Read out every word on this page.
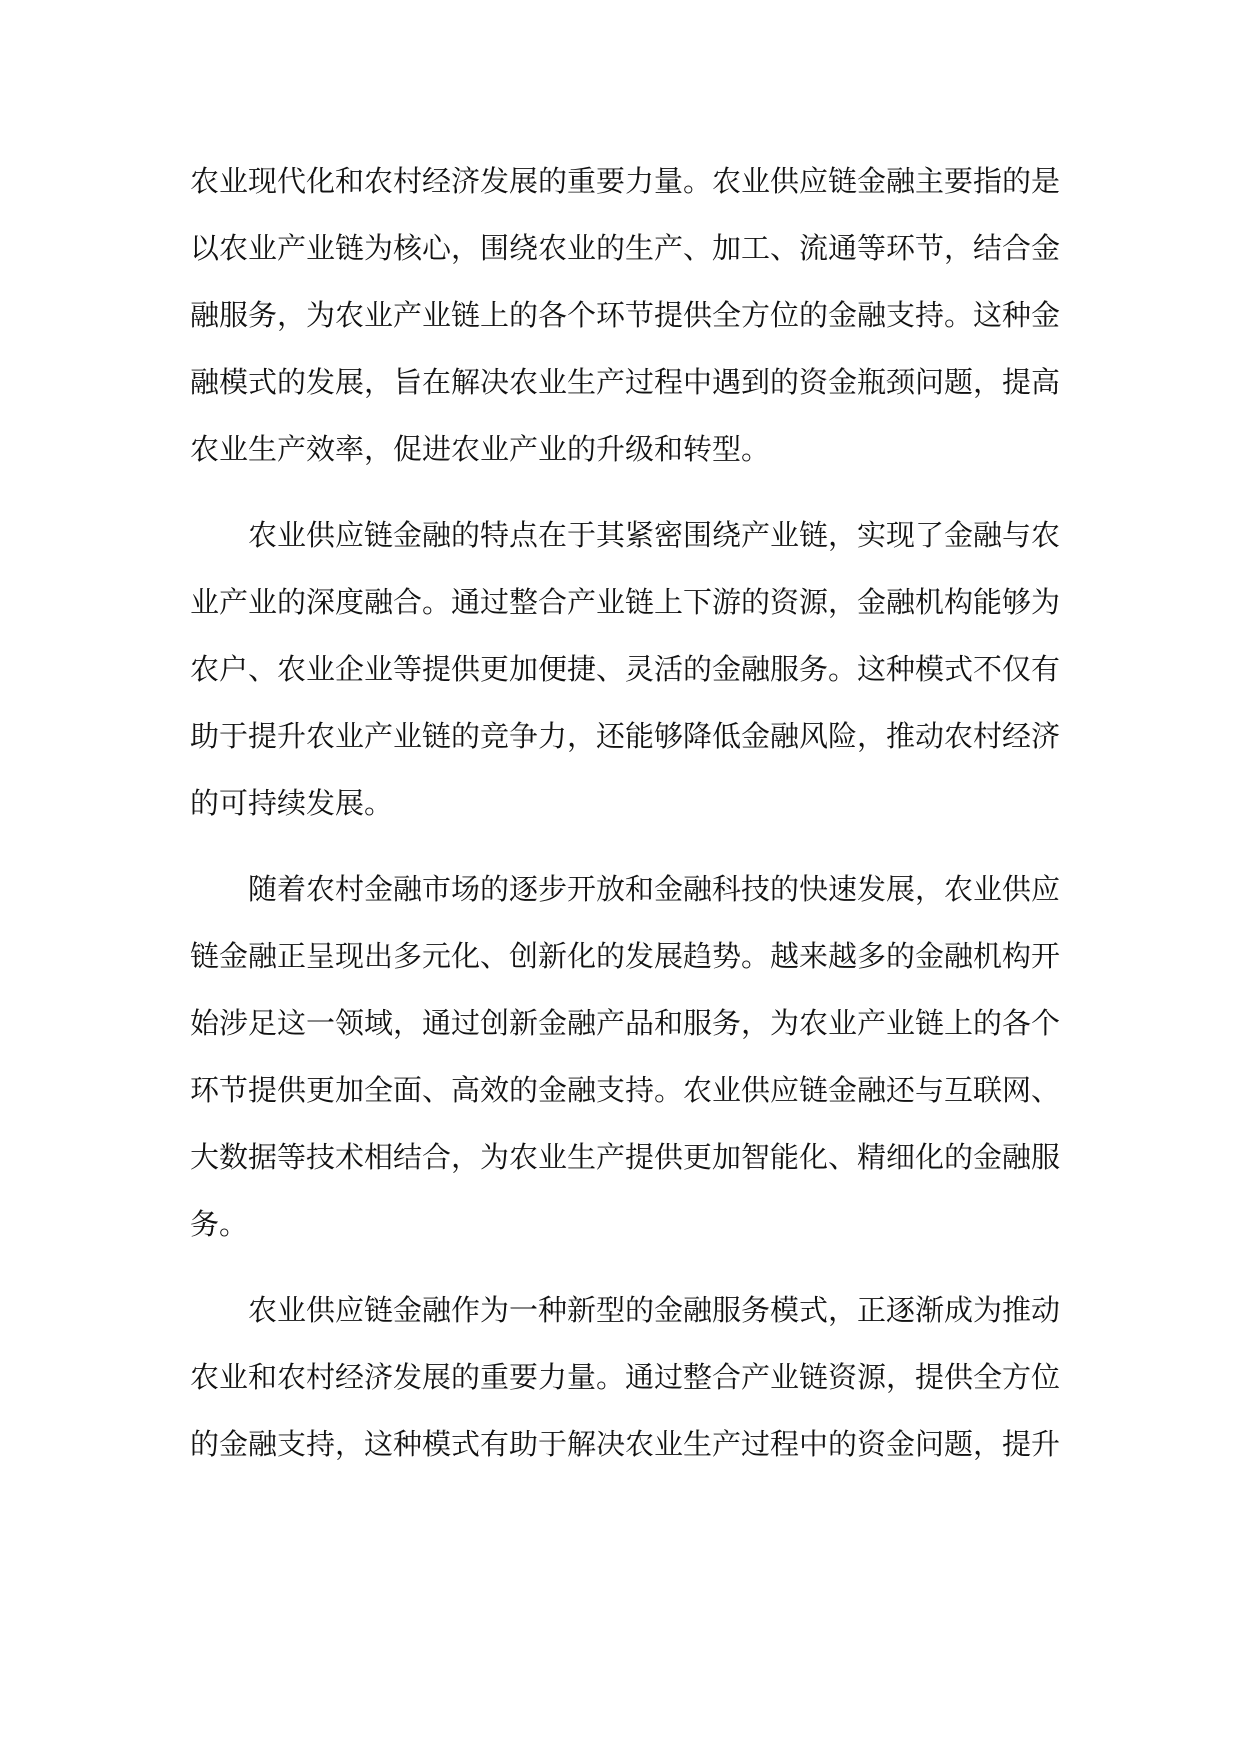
农业现代化和农村经济发展的重要力量。农业供应链金融主要指的是
以农业产业链为核心，围绕农业的生产、加工、流通等环节，结合金
融服务，为农业产业链上的各个环节提供全方位的金融支持。这种金
融模式的发展，旨在解决农业生产过程中遇到的资金瓶颈问题，提高
农业生产效率，促进农业产业的升级和转型。
农业供应链金融的特点在于其紧密围绕产业链，实现了金融与农
业产业的深度融合。通过整合产业链上下游的资源，金融机构能够为
农户、农业企业等提供更加便捷、灵活的金融服务。这种模式不仅有
助于提升农业产业链的竞争力，还能够降低金融风险，推动农村经济
的可持续发展。
随着农村金融市场的逐步开放和金融科技的快速发展，农业供应
链金融正呈现出多元化、创新化的发展趋势。越来越多的金融机构开
始涉足这一领域，通过创新金融产品和服务，为农业产业链上的各个
环节提供更加全面、高效的金融支持。农业供应链金融还与互联网、
大数据等技术相结合，为农业生产提供更加智能化、精细化的金融服
务。
农业供应链金融作为一种新型的金融服务模式，正逐渐成为推动
农业和农村经济发展的重要力量。通过整合产业链资源，提供全方位
的金融支持，这种模式有助于解决农业生产过程中的资金问题，提升
